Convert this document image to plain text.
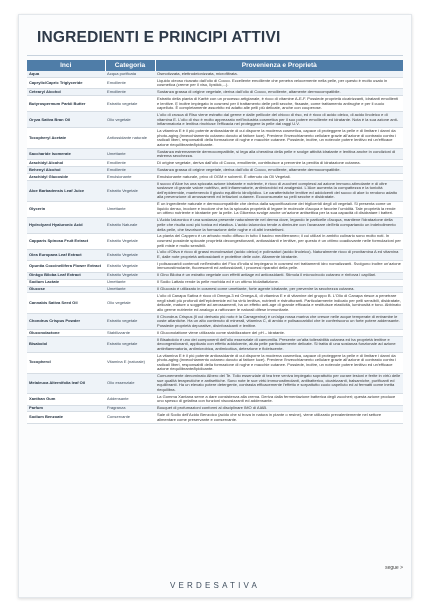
INGREDIENTI E PRINCIPI ATTIVI
Inci	Categoria	Provenienza e Proprietà
Aqua	Acqua purificata	Osmotizzata, elettrodeionizzata, microfiltrata.
Caprylic/Capric Triglyceride	Emolliente	Liquido oleoso ricavato dall'olio di Cocco. Eccellente emolliente che penetra velocemente nella pelle, per questo è molto usato in cosmetica (creme per il viso, lipstick,...).
Cetearyl Alcohol	Emolliente	Sostanza grassa di origine vegetale, deriva dall'olio di Cocco, emolliente, altamente dermocompatibile.
Butyrospermum Parkii Butter	Estratto vegetale	Estratto della pianta di Karité con un processo artigianale, è ricco di vitamine A-E-F. Possiede proprietà cicatrizzanti, idratanti emollienti e lenitive. E inoltre impiegato in cosmesi per il trattamento delle pelli secche, fissaste, come trattamento antirughe e per il cuoio capelluto. È completamente assorbito ed adatto alle pelli più delicate, anche con couperose.
Oryza Sativa Bran Oil	Olio vegetale	L'olio di crusca di Riso viene estratto dal germe e dalle pellicole del chicco di riso, ed è ricco di acido oleico, di acido linoleico e di vitamina E. L'olio di riso è molto apprezzato nell'industria cosmetica per il suo potere emolliente ed idratante. Nota è la sua azione anti-infiammatoria e lenitiva rinchiuse l'efficacia nel proteggere la pelle dai raggi U.V.
Tocopheryl Acetate	Antiossidante naturale	La vitamina E è il più potente antiossidante di cui disporre la moderna cosmetica, capace di proteggere la pelle e di limitare i danni da photo-aging (invecchiamento cutaneo dovuto al fattore luce). Previene l'invecchiamento cellulare grazie all'azione di contrasto contro i radicali liberi, responsabili della formazione di rughe e macchie cutanee. Possiede, inoltre, un notevole potere lenitivo ed un'efficace azione riequilibrante/lipidicante.
Saccharide Isomerate	Umettante	Sostanza estremamente dermocompatibile, si lega alla cheratina della pelle e svolge attività idratante e lenitiva anche in condizioni di estrema secchezza.
Arachidyl Alcohol	Emolliente	Di origine vegetale, deriva dall'olio di Cocco, emolliente, contribuisce a prevenire la perdita di idratazione cutanea.
Behenyl Alcohol	Emolliente	Sostanza grassa di origine vegetale, deriva dall'olio di Cocco, emolliente, altamente dermocompatibile.
Arachidyl Glucoside	Emulsionante	Emulsionante naturale, privo di OGM e solventi. È ottenuto da Oli Vegetali.
Aloe Barbadensis Leaf Juice	Estratto Vegetale	Il succo d'Aloe ha una spiccata azione idratante e nutriente, è ricco di zuccheri complessi ad azione immuno-stimolante e di oltre sostanze di grande valore nutritivo, anti infiammatorie, antimicrobici ed analgesici. L'Aloe aumenta la compattezza e la tonicità dell'epidermide, mantenendo il giusto equilibrio idrolipidico. Le caratteristiche lenitive ed addolcenti del succo di aloe lo rendono adatto alla prevenzione di arrossamenti ed irritazioni cutanee. Ecoconsumate su pelli secche e disidratate.
Glycerin	Umettante	È un ingrediente naturale e dermocompatibile che deriva dalla saponificazione dei trigliceridi degli oli vegetali. Si presenta come un liquido denso, inodore e incolore che ha la spiccata proprietà di legare le molecole d'acqua e favorire l'umidità. Tale proprietà la rende un ottimo nutriente e idratante per la pelle. La Glicerina svolge anche un'azione antisettica per la sua capacità di disidratare i batteri.
Hydrolyzed Hyaluronic Acid	Estratto Naturale	L'Acido Ialuronico è una sostanza presente naturalmente nel derma dove, legando le particelle d'acqua, mantiene l'idratazione della pelle che risulta così più tonica ed elastica. L'acido ialuronico tende a diminuire con l'avanzare dell'età compartando un indebolimento della pelle, che favorisce la formazione delle rughe e di altri inestetismi.
Capparis Spinosa Fruit Extract	Estratto Vegetale	La pianta del Cappero è un arbusto molto diffuso in tutto il bacino mediterraneo; il cui utilizzi in ambito culinario sono molto noti. In cosmesi possiede spiccate proprietà decongestionanti, antiossidanti e lenitive, per questo è un ottimo coadiuvante nelle formulazioni per pelli miste e molto sensibili.
Olea Europaea Leaf Extract	Estratto Vegetale	L'olio d'Oliva è ricco di grassi monoinsaturi (acido oleico) e polinsaturi (acido linoleico). Naturalmente ricco di provitamina A ed vitamina E, dalle note proprietà antiossidanti e protettive delle cute. Altamente idratante.
Opuntia Coccinellifera Flower Extract	Estratto Vegetale	I polisaccaridi contenuti nell'estratto del Fico d'India si impiegano in cosmesi nei trattamenti idro nomalizzanti. Svolgono inoltre un'azione immunostimolante, fluorescenti ed antiossidanti, i processi riparativi della pelle.
Ginkgo Biloba Leaf Extract	Estratto Vegetale	Il Gino Biloba è un estratto vegetale con effetti antiage ed antiossidanti. Stimola il microcircolo cutaneo e rinforza i capillari.
Sodium Lactate	Umettante	Il Sodio Lattato rende la pelle morbida ed è un ottimo biolattatizione.
Glucose	Umettante	Il Glucosio è utilizzato in cosmesi come umettante, forte agente idratante, per prevenire la secchezza cutanea.
Cannabis Sativa Seed Oil	Olio vegetale	L'olio di Canapa Sativa è ricco di Omega-3 ed Omega-6, di vitamina E e di vitamine del gruppo B. L'Olio di Canapa riesce a penetrare negli strati più profondi dell'epidermide ed ha virtù lenitiva, nutrienti e ristrutturanti. Particolarmente indicato per pelli sensibili, disidratate, delicate, mature o soggette ad arrossamenti, ha un effetto anti-age di grande efficacia e restituisce elasticità, luminosità e tono. Abbinato allo germe nutriente ed analogo a rafforzare le naturali difese immunitarie.
Chondrus Crispus Powder	Estratto vegetale	Il Chondrus Crispus (Il cui derivato più noto è la Carragenina) è un'alga rossa marina che cresce nelle acque temperate di entrambe le coste atlantiche. Ha un alto contenuto di minerali, vitamina C, di amido e polisaccaridici che le conferiscono un forte potere addensante. Possiede proprietà depurative, disinfossicanti e lenitive.
Gluconolactone	Stabilizzante	Il Gluconolattone viene utilizzato come stabilizzatore del pH – idratante.
Bisabolol	Estratto vegetale	Il Bisabololo è uno dei componenti dell'olio essenziale di camomilla. Presente un'alta tollerabilità cutanea ed ha proprietà lenitive e decongestionanti, applicato con effetto addolcente, aiuta pelle particolarmente delicate. Si tratta di una sostanza funzionale ad azione antinfiammatoria, antimicrobica, antimicotica, deterzione e fioleiscente.
Tocopherol	Vitamina E (naturale)	La vitamina E è il più potente antiossidante di cui disporre la moderna cosmetica, capace di proteggere la pelle e di limitare i danni da photo-aging (invecchiamento cutaneo dovuto al fattore luce). Previene l'invecchiamento cellulare grazie all'azione di contrasto contro i radicali liberi, responsabili della formazione di rughe e macchie cutanee. Possiede, inoltre, un notevole potere lenitivo ed un'efficace azione riequilibrante/lipidicante.
Melaleuca Alternifolia leaf Oil	Olio essenziale	Comunemente denominato Albero del Te. Tolio essenziale di tea tree veniva impiegato soprattutto per curare lesioni e ferite in virtù delle sue qualità terapeutiche e antisettiche. Sono note le sue virtù immunostimolanti, antibatterico, cicatrizzanti, balsamiche, purificanti ed equilibranti. Ha un elevato potere detergente, contrasta efficacemente l'effetto e sorpattutto cuoio capelluto ed ai fermatti come inetta riequilibra.
Xanthan Gum	Addensante	La Gomma Xantana serve a dare consistenza alla crema. Deriva dalla fermentazione batterica degli zuccheri; questa azione produce uno spesso di gelatina con funzioni viscosizzanti ed addensante.
Parfum	Fragranza	Bouquet di profumazioni conformi al disciplinare IMO di AIAB.
Sodium Benzoate	Conservante	Sale di Sodio dell'Acido Benzoico (acido che si trova in natura in piante o resine), viene utilizzato prevalentemente nel settore alimentare come preservante e conservante.
segue >
VERDESATIVA
